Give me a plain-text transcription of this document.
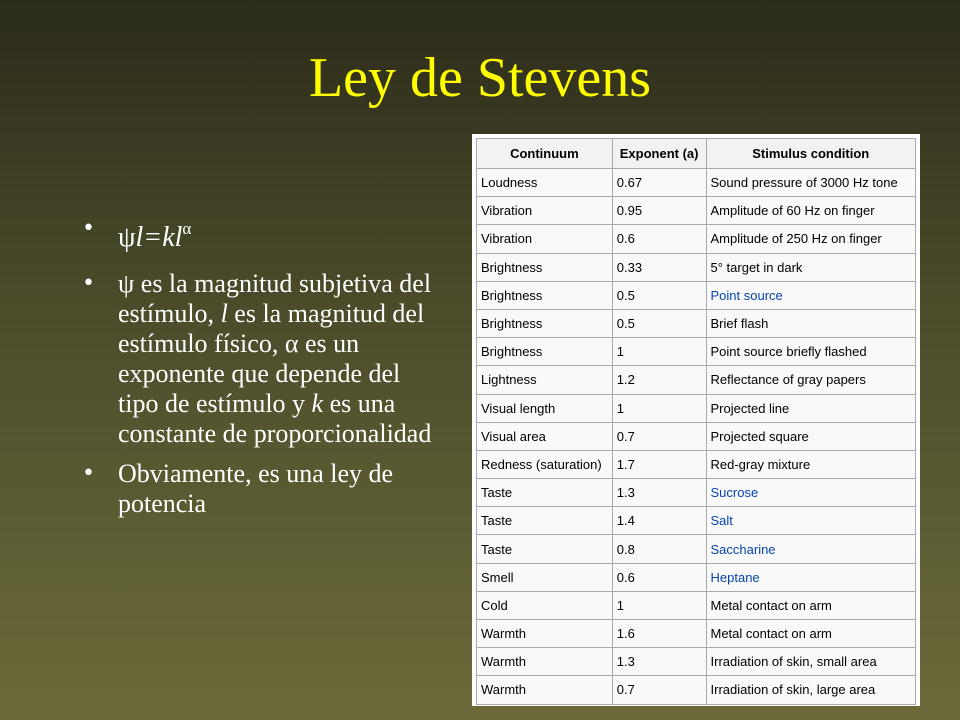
Ley de Stevens
• $\psi l=kl^\alpha$
• ψ es la magnitud subjetiva del estímulo, l es la magnitud del estímulo físico, α es un exponente que depende del tipo de estímulo y k es una constante de proporcionalidad
• Obviamente, es una ley de potencia
Continuum	Exponent (a)	Stimulus condition
Loudness	0.67	Sound pressure of 3000 Hz tone
Vibration	0.95	Amplitude of 60 Hz on finger
Vibration	0.6	Amplitude of 250 Hz on finger
Brightness	0.33	5° target in dark
Brightness	0.5	Point source
Brightness	0.5	Brief flash
Brightness	1	Point source briefly flashed
Lightness	1.2	Reflectance of gray papers
Visual length	1	Projected line
Visual area	0.7	Projected square
Redness (saturation)	1.7	Red-gray mixture
Taste	1.3	Sucrose
Taste	1.4	Salt
Taste	0.8	Saccharine
Smell	0.6	Heptane
Cold	1	Metal contact on arm
Warmth	1.6	Metal contact on arm
Warmth	1.3	Irradiation of skin, small area
Warmth	0.7	Irradiation of skin, large area
